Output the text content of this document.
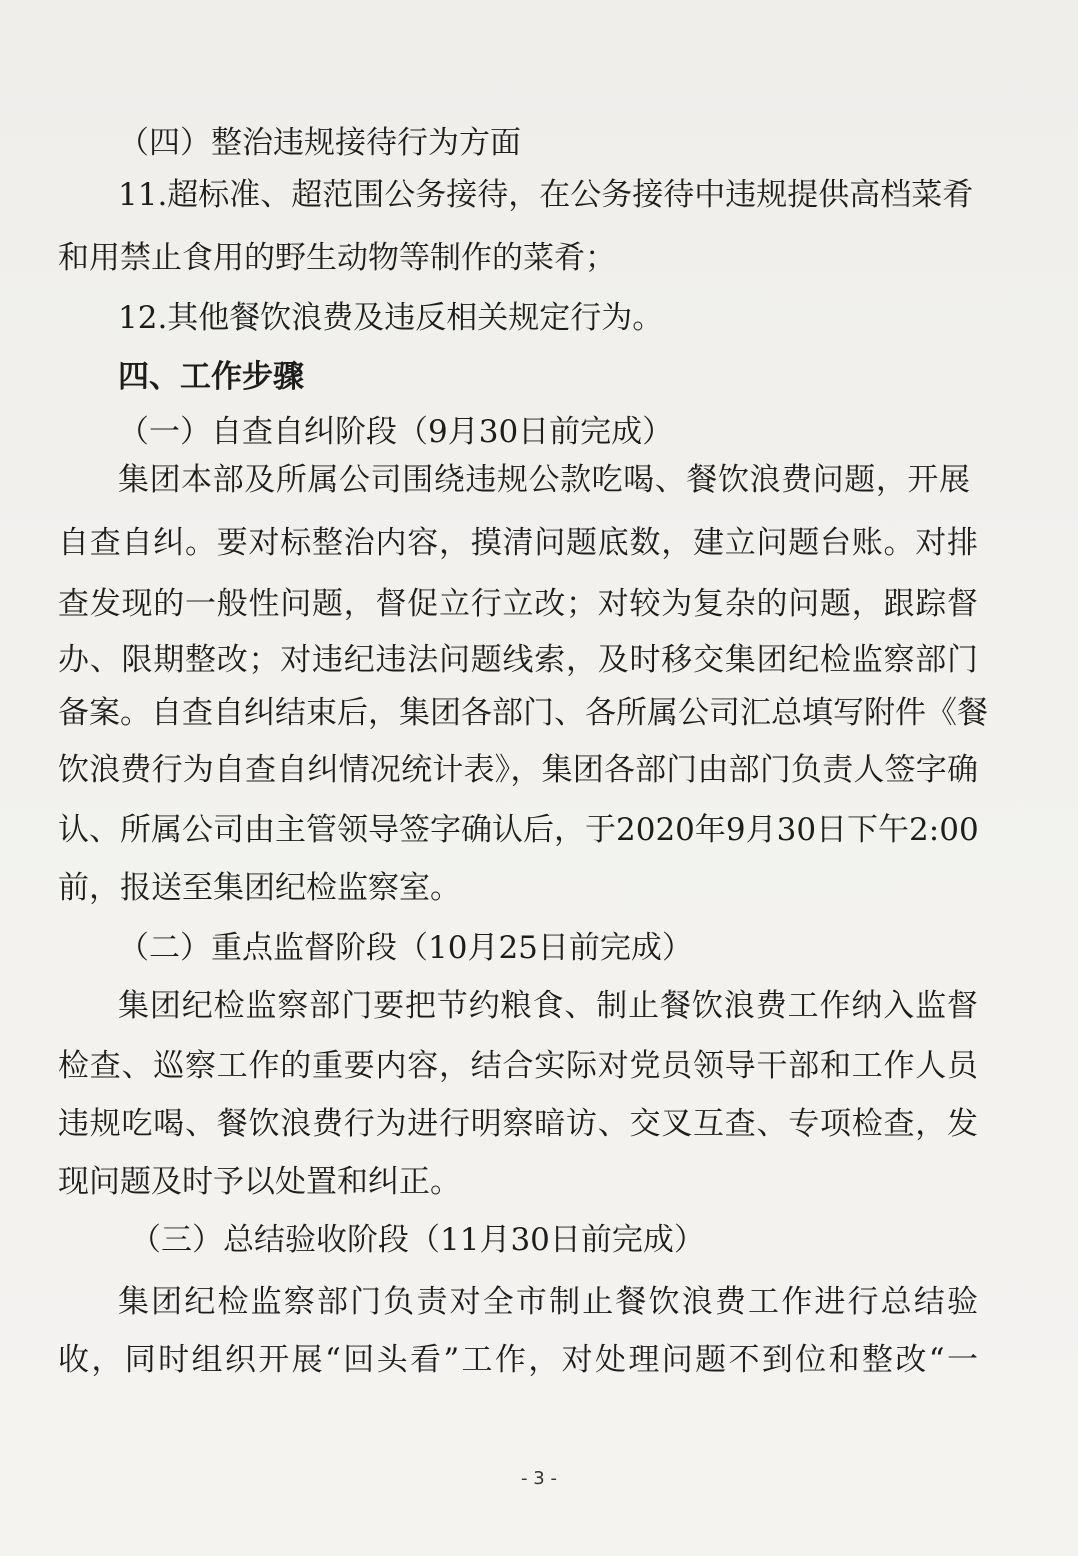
（四）整治违规接待行为方面
11.超标准、超范围公务接待，在公务接待中违规提供高档菜肴
和用禁止食用的野生动物等制作的菜肴；
12.其他餐饮浪费及违反相关规定行为。
四、工作步骤
（一）自查自纠阶段（9月30日前完成）
集团本部及所属公司围绕违规公款吃喝、餐饮浪费问题，开展
自查自纠。要对标整治内容，摸清问题底数，建立问题台账。对排
查发现的一般性问题，督促立行立改；对较为复杂的问题，跟踪督
办、限期整改；对违纪违法问题线索，及时移交集团纪检监察部门
备案。自查自纠结束后，集团各部门、各所属公司汇总填写附件《餐
饮浪费行为自查自纠情况统计表》，集团各部门由部门负责人签字确
认、所属公司由主管领导签字确认后，于2020年9月30日下午2:00
前，报送至集团纪检监察室。
（二）重点监督阶段（10月25日前完成）
集团纪检监察部门要把节约粮食、制止餐饮浪费工作纳入监督
检查、巡察工作的重要内容，结合实际对党员领导干部和工作人员
违规吃喝、餐饮浪费行为进行明察暗访、交叉互查、专项检查，发
现问题及时予以处置和纠正。
（三）总结验收阶段（11月30日前完成）
集团纪检监察部门负责对全市制止餐饮浪费工作进行总结验
收，同时组织开展“回头看”工作，对处理问题不到位和整改“一
- 3 -
